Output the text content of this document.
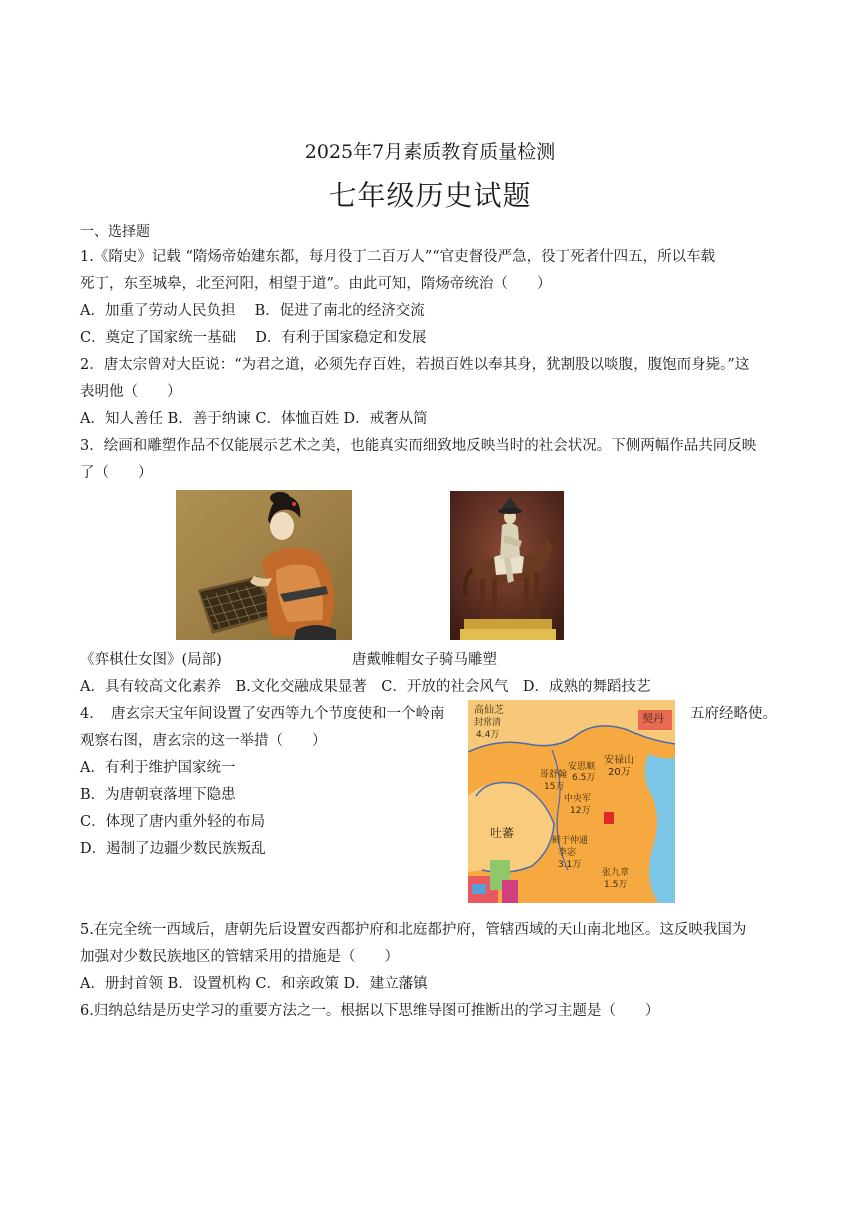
2025年7月素质教育质量检测
七年级历史试题
一、选择题
1.《隋史》记载 “隋炀帝始建东都，每月役丁二百万人”“官吏督役严急，役丁死者什四五，所以车载
死丁，东至城皋，北至河阳，相望于道”。由此可知，隋炀帝统治（　　）
A．加重了劳动人民负担　 B．促进了南北的经济交流
C．奠定了国家统一基础　 D．有利于国家稳定和发展
2．唐太宗曾对大臣说：“为君之道，必须先存百姓，若损百姓以奉其身，犹割股以啖腹，腹饱而身毙。”这
表明他（　　）
A．知人善任 B．善于纳谏 C．体恤百姓 D．戒奢从简
3．绘画和雕塑作品不仅能展示艺术之美，也能真实而细致地反映当时的社会状况。下侧两幅作品共同反映
了（　　）
《弈棋仕女图》(局部)	唐戴帷帽女子骑马雕塑
A．具有较高文化素养　B.文化交融成果显著　C．开放的社会风气　D．成熟的舞蹈技艺
4．　唐玄宗天宝年间设置了安西等九个节度使和一个岭南	五府经略使。
观察右图，唐玄宗的这一举措（　　）
A．有利于维护国家统一
B．为唐朝衰落埋下隐患
C．体现了唐内重外轻的布局
D．遏制了边疆少数民族叛乱
高仙芝
封常清
4.4万
契丹
安思顺
6.5万
安禄山
20万
哥舒翰
15万
吐蕃
中央军
12万
鲜于仲通
李宓
3.1万
张九章
1.5万
唐
5.在完全统一西域后，唐朝先后设置安西都护府和北庭都护府，管辖西域的天山南北地区。这反映我国为
加强对少数民族地区的管辖采用的措施是（　　）
A．册封首领 B．设置机构 C．和亲政策 D．建立藩镇
6.归纳总结是历史学习的重要方法之一。根据以下思维导图可推断出的学习主题是（　　）
